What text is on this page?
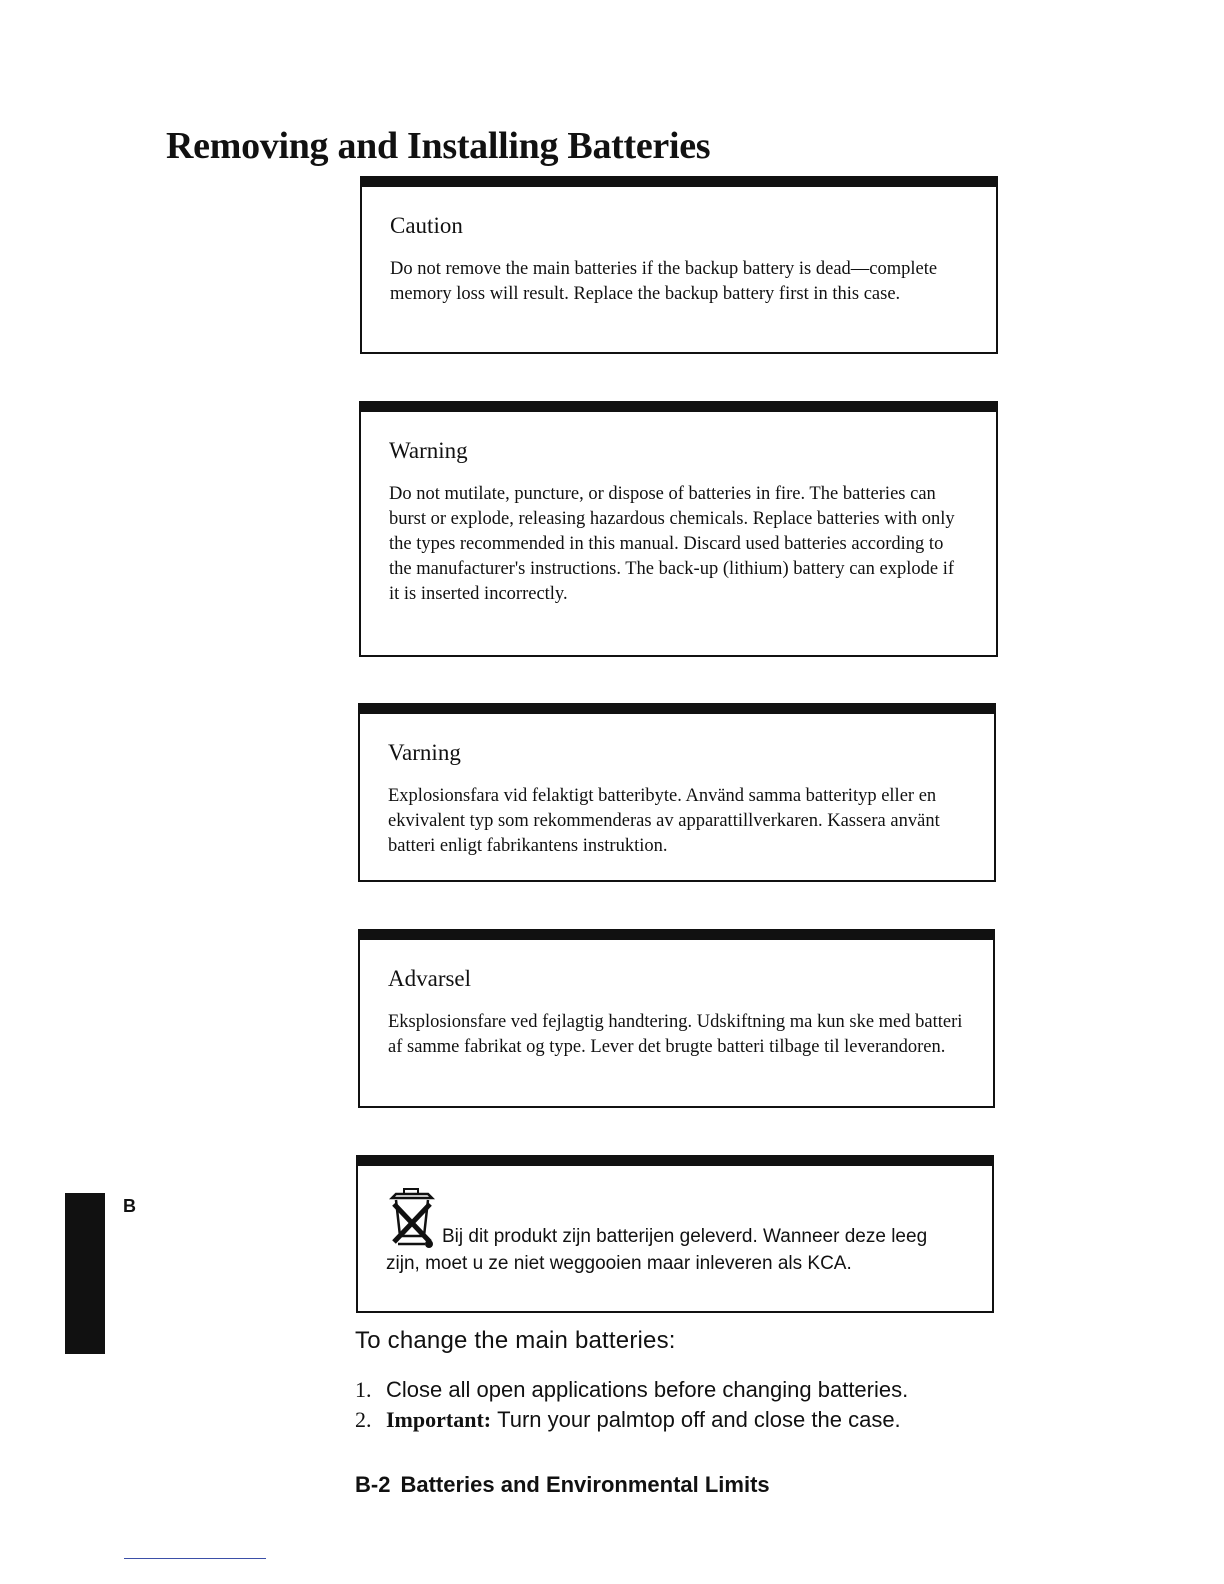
Removing and Installing Batteries
Caution

Do not remove the main batteries if the backup battery is dead—complete memory loss will result. Replace the backup battery first in this case.

Warning

Do not mutilate, puncture, or dispose of batteries in fire. The batteries can burst or explode, releasing hazardous chemicals. Replace batteries with only the types recommended in this manual. Discard used batteries according to the manufacturer's instructions. The back-up (lithium) battery can explode if it is inserted incorrectly.

Varning

Explosionsfara vid felaktigt batteribyte. Använd samma batterityp eller en ekvivalent typ som rekommenderas av apparattillverkaren. Kassera använt batteri enligt fabrikantens instruktion.

Advarsel

Eksplosionsfare ved fejlagtig handtering. Udskiftning ma kun ske med batteri af samme fabrikat og type. Lever det brugte batteri tilbage til leverandoren.

Bij dit produkt zijn batterijen geleverd. Wanneer deze leeg zijn, moet u ze niet weggooien maar inleveren als KCA.

B
To change the main batteries:
1. Close all open applications before changing batteries.
2. Important: Turn your palmtop off and close the case.
B-2 Batteries and Environmental Limits
